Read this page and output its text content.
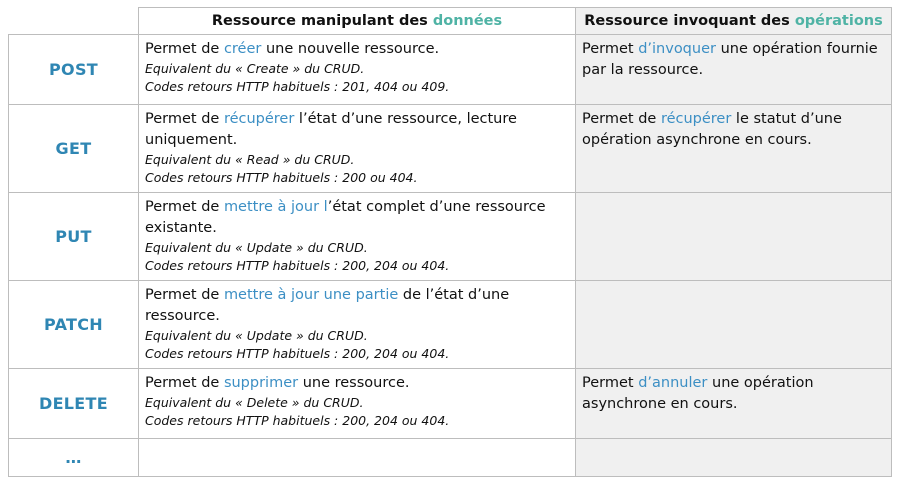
	Ressource manipulant des données	Ressource invoquant des opérations
POST	Permet de créer une nouvelle ressource.
Equivalent du « Create » du CRUD.
Codes retours HTTP habituels : 201, 404 ou 409.	Permet d’invoquer une opération fournie par la ressource.

GET	Permet de récupérer l’état d’une ressource, lecture uniquement.
Equivalent du « Read » du CRUD.
Codes retours HTTP habituels : 200 ou 404.	Permet de récupérer le statut d’une opération asynchrone en cours.

PUT	Permet de mettre à jour l’état complet d’une ressource existante.
Equivalent du « Update » du CRUD.
Codes retours HTTP habituels : 200, 204 ou 404.	

PATCH	Permet de mettre à jour une partie de l’état d’une ressource.
Equivalent du « Update » du CRUD.
Codes retours HTTP habituels : 200, 204 ou 404.	

DELETE	Permet de supprimer une ressource.
Equivalent du « Delete » du CRUD.
Codes retours HTTP habituels : 200, 204 ou 404.	Permet d’annuler une opération asynchrone en cours.

…		
